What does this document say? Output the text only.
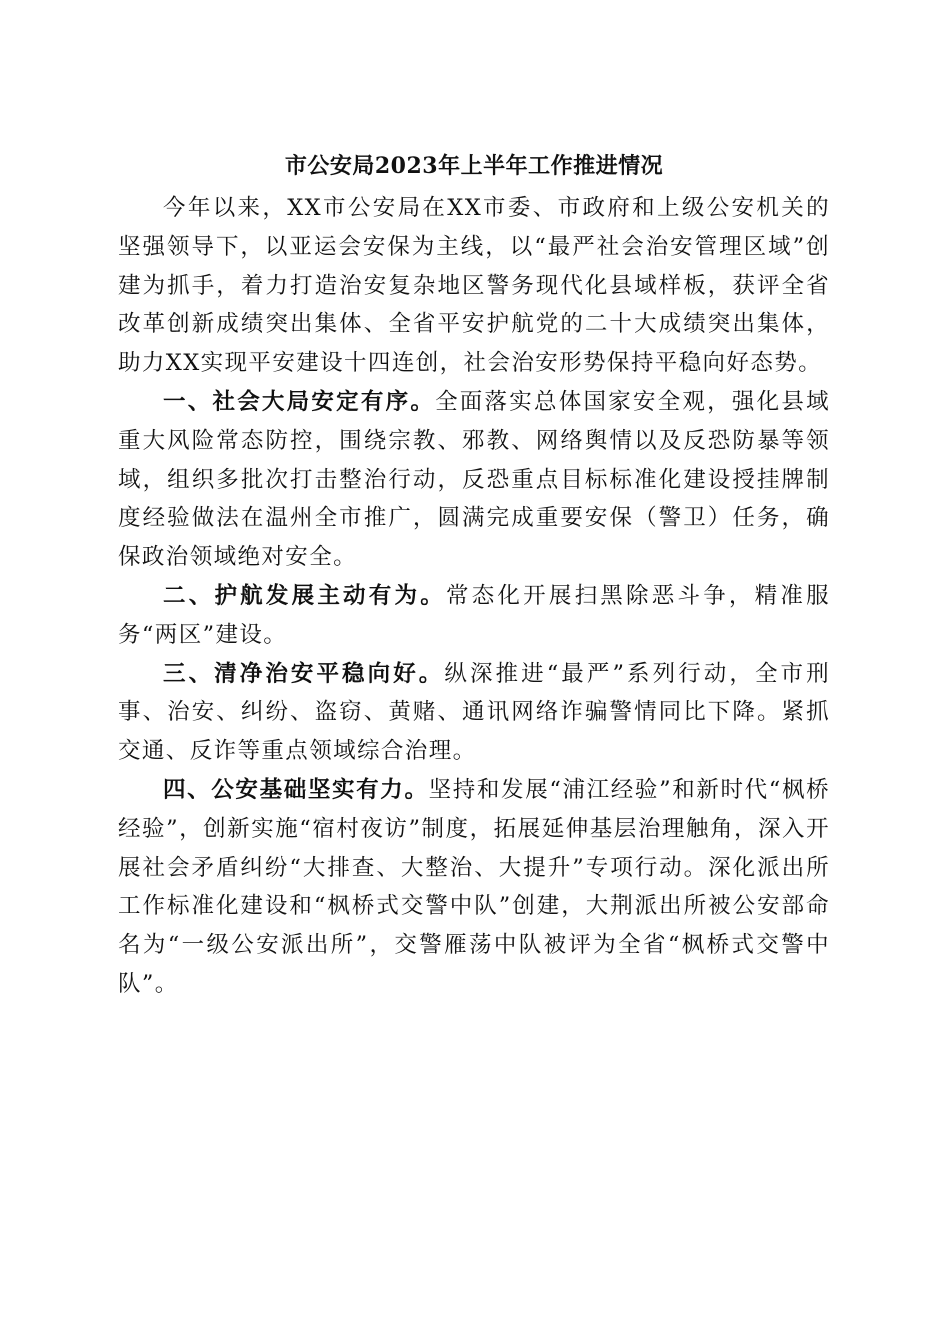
市公安局2023年上半年工作推进情况

今年以来，XX市公安局在XX市委、市政府和上级公安机关的坚强领导下，以亚运会安保为主线，以“最严社会治安管理区域”创建为抓手，着力打造治安复杂地区警务现代化县域样板，获评全省改革创新成绩突出集体、全省平安护航党的二十大成绩突出集体，助力XX实现平安建设十四连创，社会治安形势保持平稳向好态势。

一、社会大局安定有序。全面落实总体国家安全观，强化县域重大风险常态防控，围绕宗教、邪教、网络舆情以及反恐防暴等领域，组织多批次打击整治行动，反恐重点目标标准化建设授挂牌制度经验做法在温州全市推广，圆满完成重要安保（警卫）任务，确保政治领域绝对安全。

二、护航发展主动有为。常态化开展扫黑除恶斗争，精准服务“两区”建设。

三、清净治安平稳向好。纵深推进“最严”系列行动，全市刑事、治安、纠纷、盗窃、黄赌、通讯网络诈骗警情同比下降。紧抓交通、反诈等重点领域综合治理。

四、公安基础坚实有力。坚持和发展“浦江经验”和新时代“枫桥经验”，创新实施“宿村夜访”制度，拓展延伸基层治理触角，深入开展社会矛盾纠纷“大排查、大整治、大提升”专项行动。深化派出所工作标准化建设和“枫桥式交警中队”创建，大荆派出所被公安部命名为“一级公安派出所”，交警雁荡中队被评为全省“枫桥式交警中队”。
